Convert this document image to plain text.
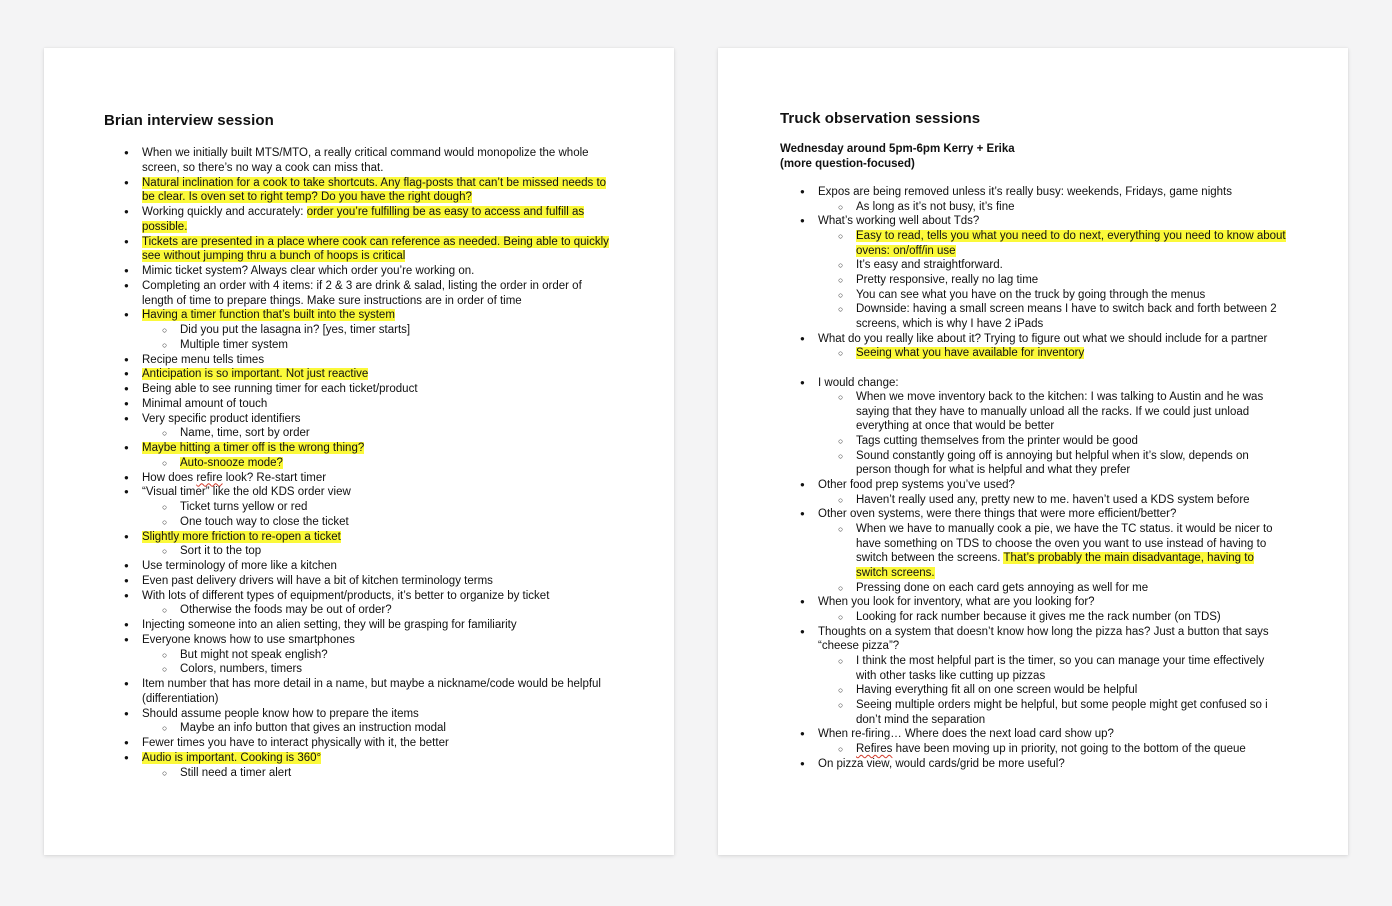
Brian interview session
● When we initially built MTS/MTO, a really critical command would monopolize the whole screen, so there’s no way a cook can miss that.
● Natural inclination for a cook to take shortcuts. Any flag-posts that can’t be missed needs to be clear. Is oven set to right temp? Do you have the right dough?
● Working quickly and accurately: order you’re fulfilling be as easy to access and fulfill as possible.
● Tickets are presented in a place where cook can reference as needed. Being able to quickly see without jumping thru a bunch of hoops is critical
● Mimic ticket system? Always clear which order you’re working on.
● Completing an order with 4 items: if 2 & 3 are drink & salad, listing the order in order of length of time to prepare things. Make sure instructions are in order of time
● Having a timer function that’s built into the system
○ Did you put the lasagna in? [yes, timer starts]
○ Multiple timer system
● Recipe menu tells times
● Anticipation is so important. Not just reactive
● Being able to see running timer for each ticket/product
● Minimal amount of touch
● Very specific product identifiers
○ Name, time, sort by order
● Maybe hitting a timer off is the wrong thing?
○ Auto-snooze mode?
● How does refire look? Re-start timer
● “Visual timer” like the old KDS order view
○ Ticket turns yellow or red
○ One touch way to close the ticket
● Slightly more friction to re-open a ticket
○ Sort it to the top
● Use terminology of more like a kitchen
● Even past delivery drivers will have a bit of kitchen terminology terms
● With lots of different types of equipment/products, it’s better to organize by ticket
○ Otherwise the foods may be out of order?
● Injecting someone into an alien setting, they will be grasping for familiarity
● Everyone knows how to use smartphones
○ But might not speak english?
○ Colors, numbers, timers
● Item number that has more detail in a name, but maybe a nickname/code would be helpful (differentiation)
● Should assume people know how to prepare the items
○ Maybe an info button that gives an instruction modal
● Fewer times you have to interact physically with it, the better
● Audio is important. Cooking is 360°
○ Still need a timer alert
Truck observation sessions
Wednesday around 5pm-6pm Kerry + Erika
(more question-focused)
● Expos are being removed unless it’s really busy: weekends, Fridays, game nights
○ As long as it’s not busy, it’s fine
● What’s working well about Tds?
○ Easy to read, tells you what you need to do next, everything you need to know about ovens: on/off/in use
○ It’s easy and straightforward.
○ Pretty responsive, really no lag time
○ You can see what you have on the truck by going through the menus
○ Downside: having a small screen means I have to switch back and forth between 2 screens, which is why I have 2 iPads
● What do you really like about it? Trying to figure out what we should include for a partner
○ Seeing what you have available for inventory
● I would change:
○ When we move inventory back to the kitchen: I was talking to Austin and he was saying that they have to manually unload all the racks. If we could just unload everything at once that would be better
○ Tags cutting themselves from the printer would be good
○ Sound constantly going off is annoying but helpful when it’s slow, depends on person though for what is helpful and what they prefer
● Other food prep systems you’ve used?
○ Haven’t really used any, pretty new to me. haven’t used a KDS system before
● Other oven systems, were there things that were more efficient/better?
○ When we have to manually cook a pie, we have the TC status. it would be nicer to have something on TDS to choose the oven you want to use instead of having to switch between the screens. That’s probably the main disadvantage, having to switch screens.
○ Pressing done on each card gets annoying as well for me
● When you look for inventory, what are you looking for?
○ Looking for rack number because it gives me the rack number (on TDS)
● Thoughts on a system that doesn’t know how long the pizza has? Just a button that says “cheese pizza”?
○ I think the most helpful part is the timer, so you can manage your time effectively with other tasks like cutting up pizzas
○ Having everything fit all on one screen would be helpful
○ Seeing multiple orders might be helpful, but some people might get confused so i don’t mind the separation
● When re-firing… Where does the next load card show up?
○ Refires have been moving up in priority, not going to the bottom of the queue
● On pizza view, would cards/grid be more useful?
